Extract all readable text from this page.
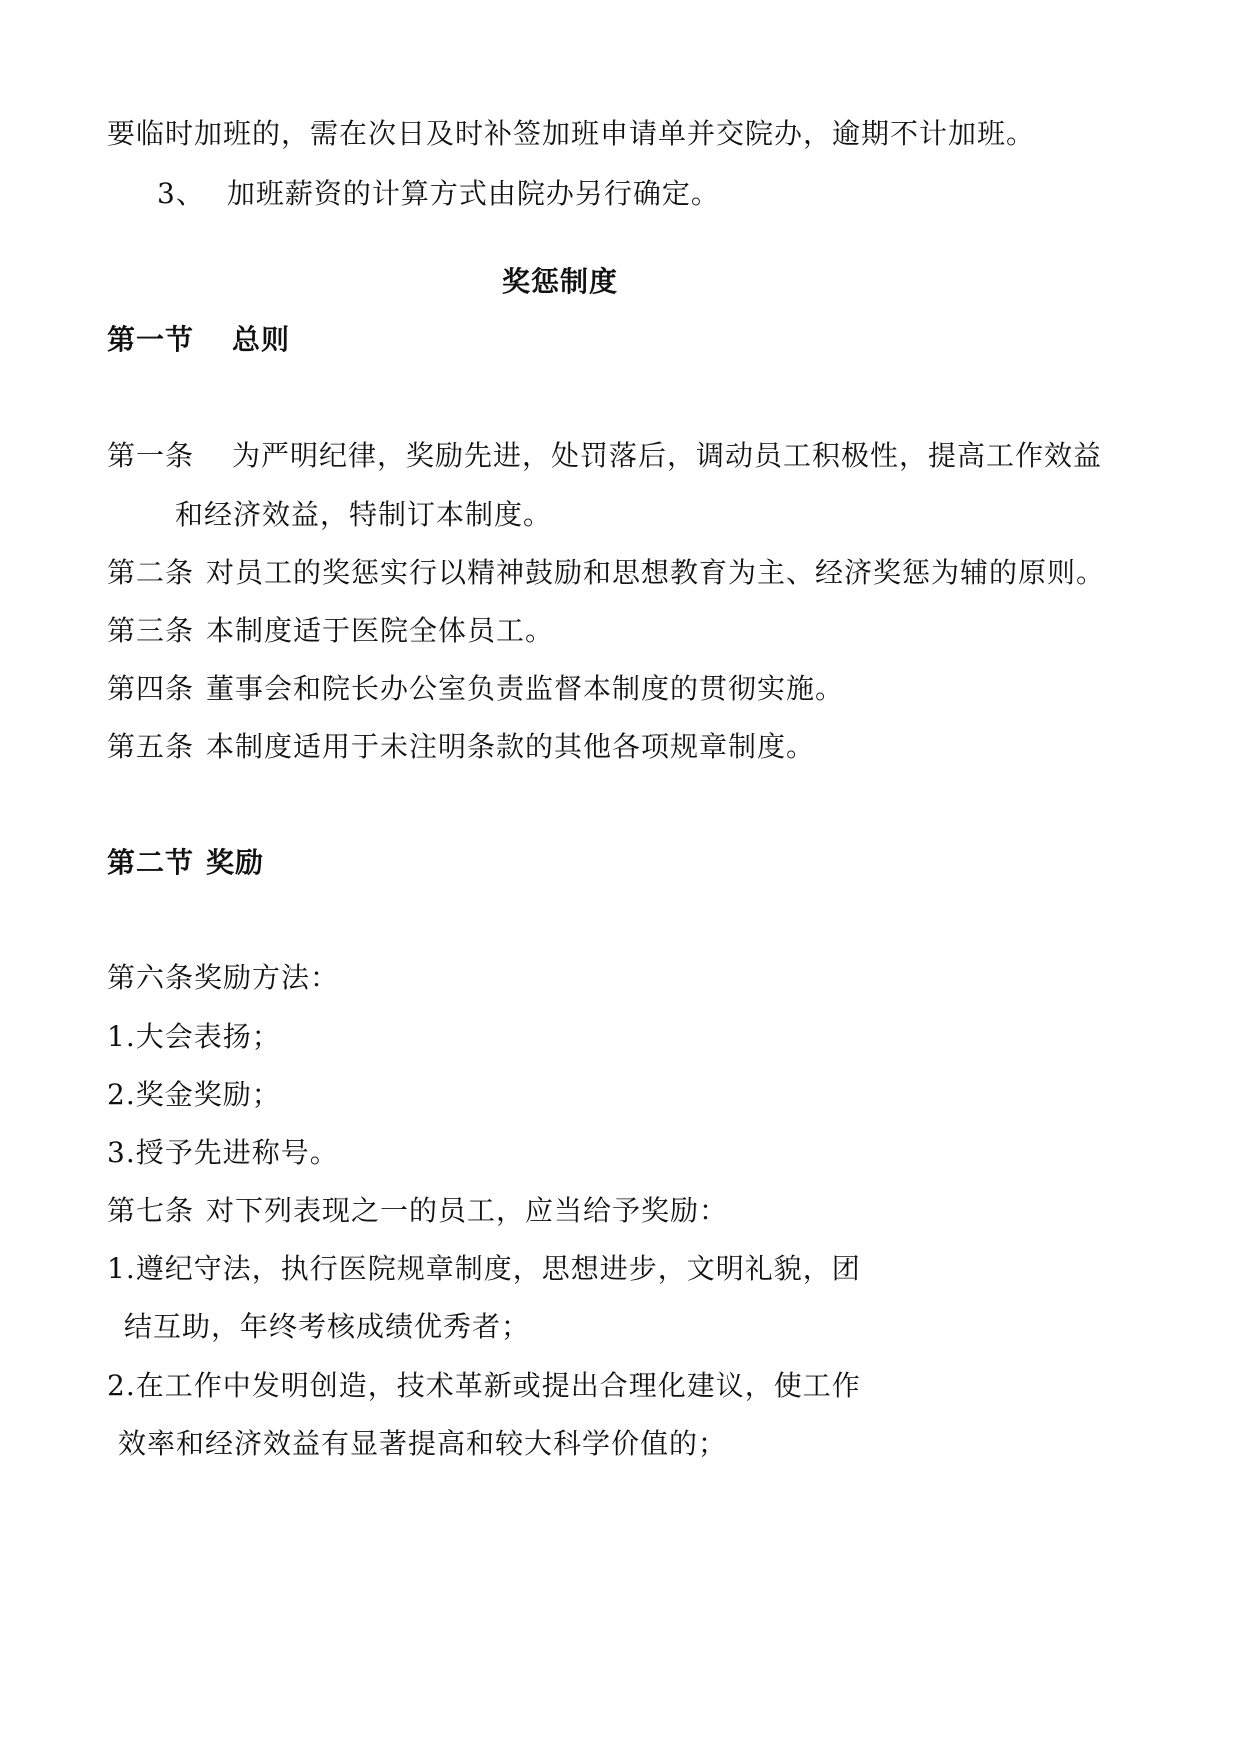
要临时加班的，需在次日及时补签加班申请单并交院办，逾期不计加班。
3、 加班薪资的计算方式由院办另行确定。
奖惩制度
第一节 总则
第一条 为严明纪律，奖励先进，处罚落后，调动员工积极性，提高工作效益
和经济效益，特制订本制度。
第二条 对员工的奖惩实行以精神鼓励和思想教育为主、经济奖惩为辅的原则。
第三条 本制度适于医院全体员工。
第四条 董事会和院长办公室负责监督本制度的贯彻实施。
第五条 本制度适用于未注明条款的其他各项规章制度。
第二节 奖励
第六条奖励方法：
1.大会表扬；
2.奖金奖励；
3.授予先进称号。
第七条 对下列表现之一的员工，应当给予奖励：
1.遵纪守法，执行医院规章制度，思想进步，文明礼貌，团
结互助，年终考核成绩优秀者；
2.在工作中发明创造，技术革新或提出合理化建议，使工作
效率和经济效益有显著提高和较大科学价值的；
